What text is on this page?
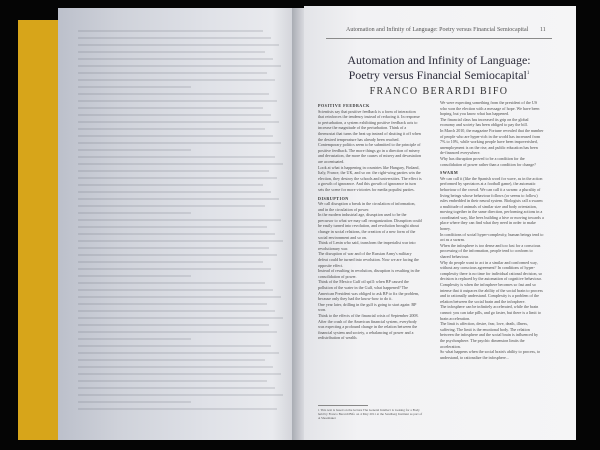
Automation and Infinity of Language: Poetry versus Financial Semiocapital 11
Automation and Infinity of Language:
Poetry versus Financial Semiocapital$^1$
FRANCO BERARDI BIFO

POSITIVE FEEDBACK

Scientists say that positive feedback is a form of interaction that reinforces the tendency instead of reducing it. In response to perturbation, a system exhibiting positive feedback acts to increase the magnitude of the perturbation. Think of a thermostat that turns the heat up instead of shutting it off when the desired temperature has already been reached.

Contemporary politics seem to be submitted to the principle of positive feedback. The more things go in a direction of misery and devastation, the more the causes of misery and devastation are accentuated.

Look at what is happening in countries like Hungary, Finland, Italy, France, the UK, and so on: the right-wing parties win the election, they destroy the schools and universities. The effect is a growth of ignorance. And this growth of ignorance in turn sets the scene for more victories for media populist parties.

DISRUPTION

We call disruption a break in the circulation of information, and in the circulation of power.

In the modern industrial age, disruption used to be the precursor to what we may call reorganization. Disruption could be easily turned into revolution, and revolution brought about change in social relations, the creation of a new form of the social environment and so on.

Think of Lenin who said, transform the imperialist war into revolutionary war.

The disruption of war and of the Russian Army's military defeat could be turned into revolution. Now we are facing the opposite effect.

Instead of resulting in revolution, disruption is resulting in the consolidation of power.

Think of the Mexico Gulf oil spill: when BP caused the pollution of the water in the Gulf, what happened? The American President was obliged to ask BP to fix the problem, because only they had the know-how to do it.

One year later, drilling in the gulf is going to start again: BP won.

Think to the effects of the financial crisis of September 2008. After the crash of the American financial system, everybody was expecting a profound change in the relation between the financial system and society, a rebalancing of power and a redistribution of wealth.

We were expecting something from the president of the US who won the election with a message of hope. We have been hoping, but you know what has happened.

The financial class has increased its grip on the global economy and society has been obliged to pay the bill.

In March 2010, the magazine Fortune revealed that the number of people who are hyper-rich in the world has increased from 7% to 10%, while working people have been impoverished, unemployment is on the rise, and public education has been de-financed everywhere.

Why has disruption proved to be a condition for the consolidation of power rather than a condition for change?

SWARM

We can call it (like the Spanish word for wave, as in the action performed by spectators at a football game), the automatic behaviour of the crowd. We can call it a swarm: a plurality of living beings whose behaviour follows (or seems to follow) rules embedded in their neural system. Biologists call a swarm a multitude of animals of similar size and body orientation, moving together in the same direction, performing actions in a coordinated way, like bees building a hive or moving towards a place where they can find what they need in order to make honey.

In conditions of social hyper-complexity, human beings tend to act as a swarm.

When the infosphere is too dense and too fast for a conscious processing of the information, people tend to conform to shared behaviour.

Why do people want to act in a similar and conformed way, without any conscious agreement? In conditions of hyper-complexity there is no time for individual rational decision, so decision is replaced by the automation of cognitive behaviour. Complexity is when the infosphere becomes so fast and so intense that it outpaces the ability of the social brain to process and to rationally understand. Complexity is a problem of the relation between the social brain and the infosphere.

The infosphere can be infinitely accelerated, while the brain cannot: you can take pills, and go faster, but there is a limit to brain acceleration.

The limit is affection, desire, fear, love, death, illness, suffering. The limit is the emotional body. The relation between the infosphere and the social brain is influenced by the psychosphere. The psychic dimension limits the acceleration.

So what happens when the social brain's ability to process, to understand, to rationalize the infosphere...

1 This text is based on the lecture The General Intellect is looking for a Body held by Franco Berardi Bifo on 4 May 2011 at the Sandberg Instituut as part of A Shoemaker
